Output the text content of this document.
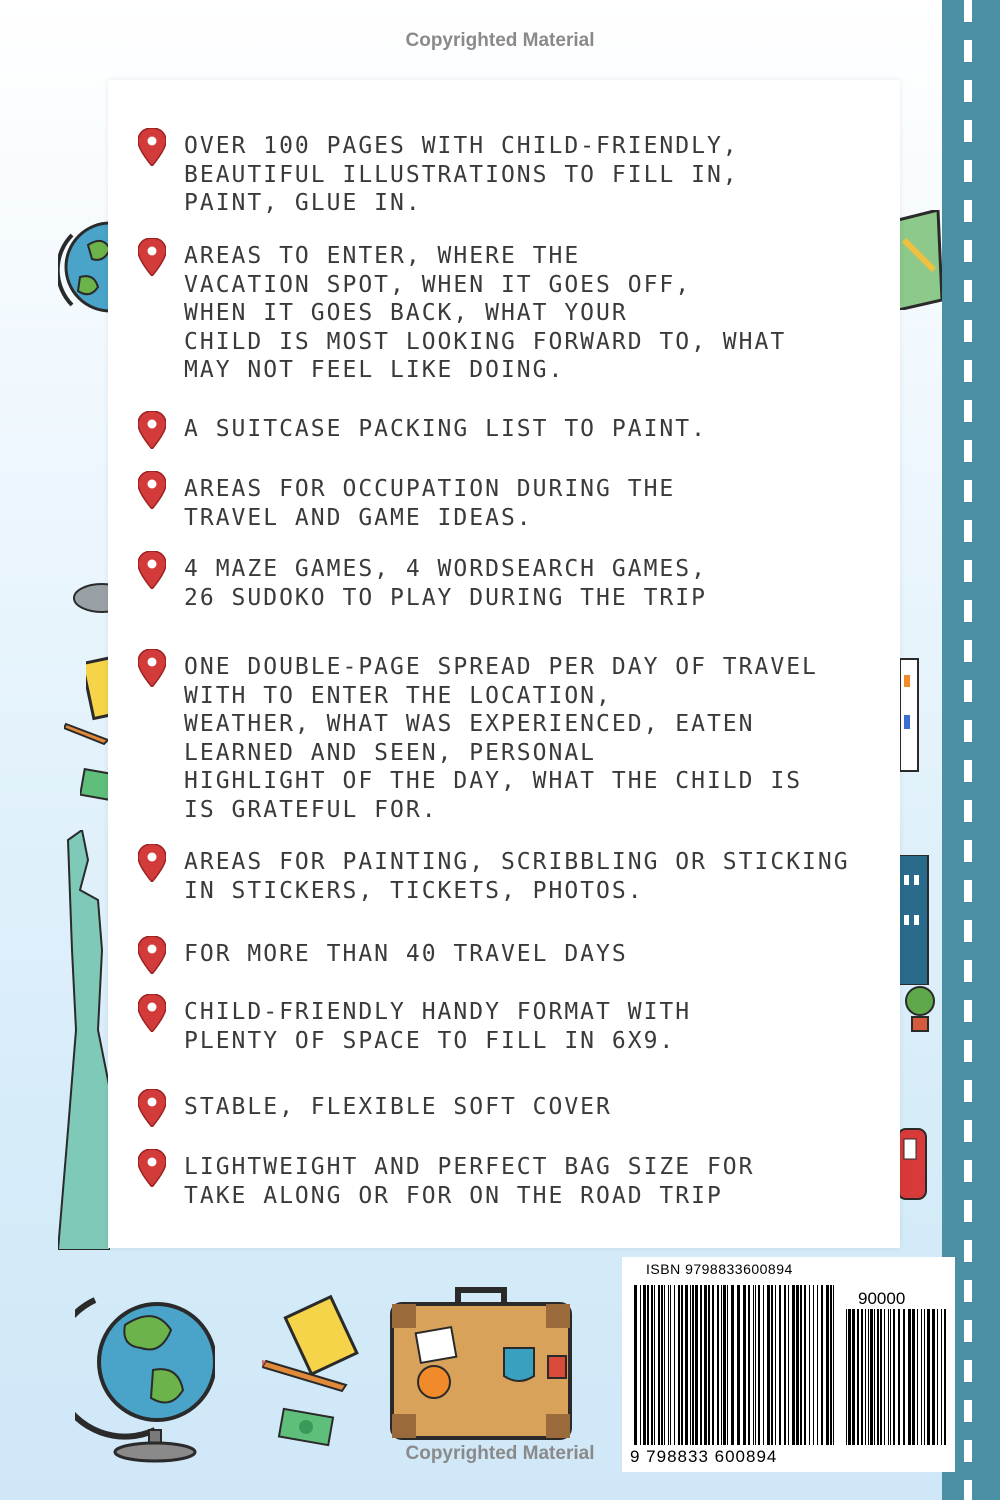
Copyrighted Material
OVER 100 PAGES WITH CHILD-FRIENDLY,
BEAUTIFUL ILLUSTRATIONS TO FILL IN,
PAINT, GLUE IN.
AREAS TO ENTER, WHERE THE
VACATION SPOT, WHEN IT GOES OFF,
WHEN IT GOES BACK, WHAT YOUR
CHILD IS MOST LOOKING FORWARD TO, WHAT
MAY NOT FEEL LIKE DOING.
A SUITCASE PACKING LIST TO PAINT.
AREAS FOR OCCUPATION DURING THE
TRAVEL AND GAME IDEAS.
4 MAZE GAMES, 4 WORDSEARCH GAMES,
26 SUDOKO TO PLAY DURING THE TRIP
ONE DOUBLE-PAGE SPREAD PER DAY OF TRAVEL
WITH TO ENTER THE LOCATION,
WEATHER, WHAT WAS EXPERIENCED, EATEN
LEARNED AND SEEN, PERSONAL
HIGHLIGHT OF THE DAY, WHAT THE CHILD IS
IS GRATEFUL FOR.
AREAS FOR PAINTING, SCRIBBLING OR STICKING
IN STICKERS, TICKETS, PHOTOS.
FOR MORE THAN 40 TRAVEL DAYS
CHILD-FRIENDLY HANDY FORMAT WITH
PLENTY OF SPACE TO FILL IN 6X9.
STABLE, FLEXIBLE SOFT COVER
LIGHTWEIGHT AND PERFECT BAG SIZE FOR
TAKE ALONG OR FOR ON THE ROAD TRIP
ISBN 9798833600894
90000
9 798833 600894
Copyrighted Material
